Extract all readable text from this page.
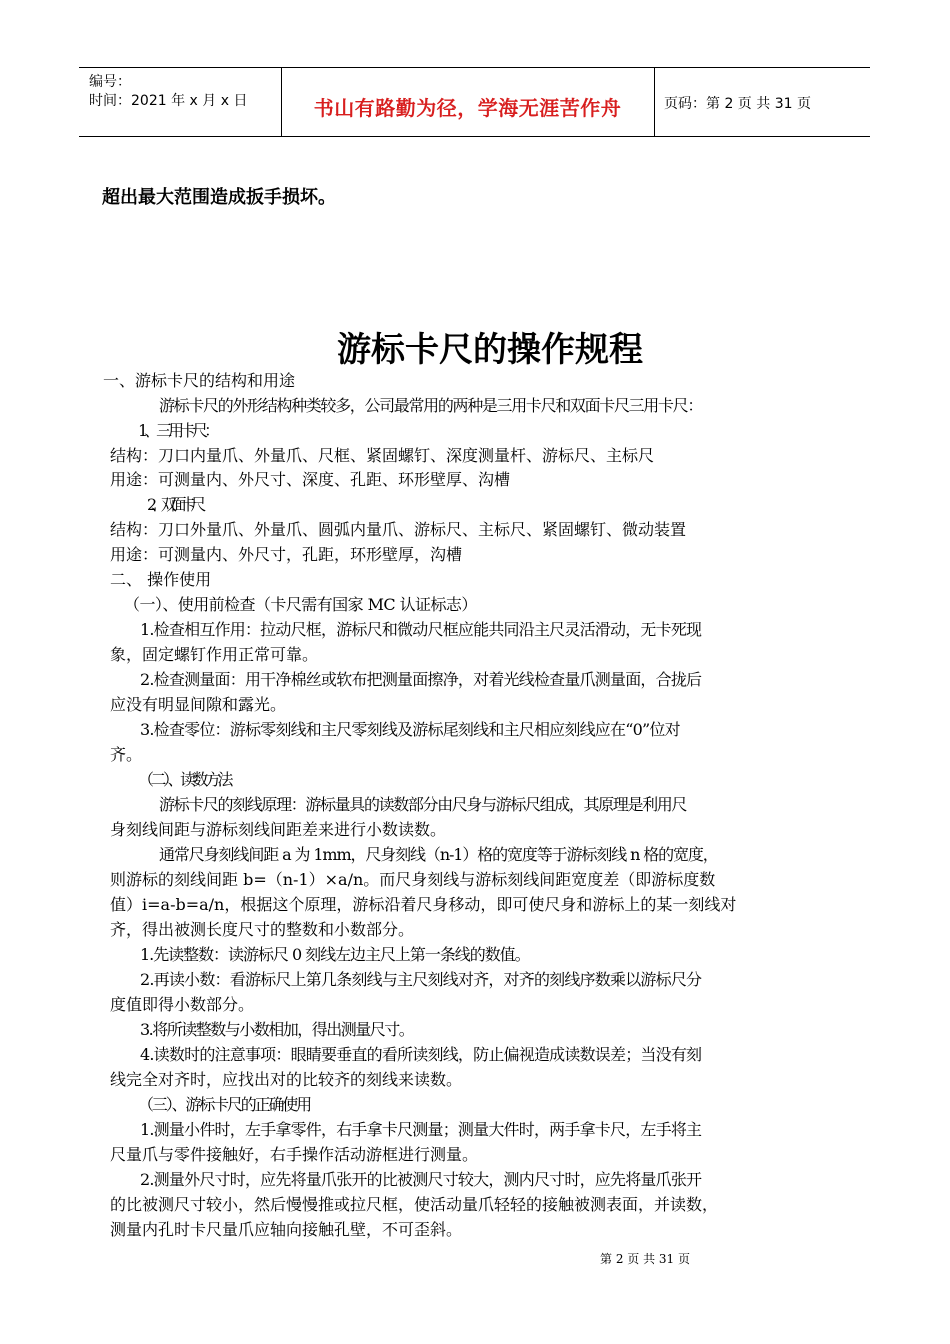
编号：
时间：2021 年 x 月 x 日	书山有路勤为径，学海无涯苦作舟	页码：第 2 页 共 31 页
超出最大范围造成扳手损坏。
游标卡尺的操作规程
一、游标卡尺的结构和用途
游标卡尺的外形结构种类较多，公司最常用的两种是三用卡尺和双面卡尺三用卡尺：
1、三用卡尺：
结构：刀口内量爪、外量爪、尺框、紧固螺钉、深度测量杆、游标尺、主标尺
用途：可测量内、外尺寸、深度、孔距、环形壁厚、沟槽
2、双面卡尺
结构：刀口外量爪、外量爪、圆弧内量爪、游标尺、主标尺、紧固螺钉、微动装置
用途：可测量内、外尺寸，孔距，环形壁厚，沟槽
二、 操作使用
（一）、使用前检查（卡尺需有国家 MC 认证标志）
1.检查相互作用：拉动尺框，游标尺和微动尺框应能共同沿主尺灵活滑动，无卡死现
象，固定螺钉作用正常可靠。
2.检查测量面：用干净棉丝或软布把测量面擦净，对着光线检查量爪测量面，合拢后
应没有明显间隙和露光。
3.检查零位：游标零刻线和主尺零刻线及游标尾刻线和主尺相应刻线应在“0”位对
齐。
（二）、读数方法
游标卡尺的刻线原理：游标量具的读数部分由尺身与游标尺组成，其原理是利用尺
身刻线间距与游标刻线间距差来进行小数读数。
通常尺身刻线间距 a 为 1mm，尺身刻线（n-1）格的宽度等于游标刻线 n 格的宽度，
则游标的刻线间距 b=（n-1）×a/n。而尺身刻线与游标刻线间距宽度差（即游标度数
值）i=a-b=a/n，根据这个原理，游标沿着尺身移动，即可使尺身和游标上的某一刻线对
齐，得出被测长度尺寸的整数和小数部分。
1.先读整数：读游标尺 0 刻线左边主尺上第一条线的数值。
2.再读小数：看游标尺上第几条刻线与主尺刻线对齐，对齐的刻线序数乘以游标尺分
度值即得小数部分。
3.将所读整数与小数相加，得出测量尺寸。
4.读数时的注意事项：眼睛要垂直的看所读刻线，防止偏视造成读数误差；当没有刻
线完全对齐时，应找出对的比较齐的刻线来读数。
（三）、游标卡尺的正确使用
1.测量小件时，左手拿零件，右手拿卡尺测量；测量大件时，两手拿卡尺，左手将主
尺量爪与零件接触好，右手操作活动游框进行测量。
2.测量外尺寸时，应先将量爪张开的比被测尺寸较大，测内尺寸时，应先将量爪张开
的比被测尺寸较小，然后慢慢推或拉尺框，使活动量爪轻轻的接触被测表面，并读数，
测量内孔时卡尺量爪应轴向接触孔壁，不可歪斜。
第 2 页 共 31 页
